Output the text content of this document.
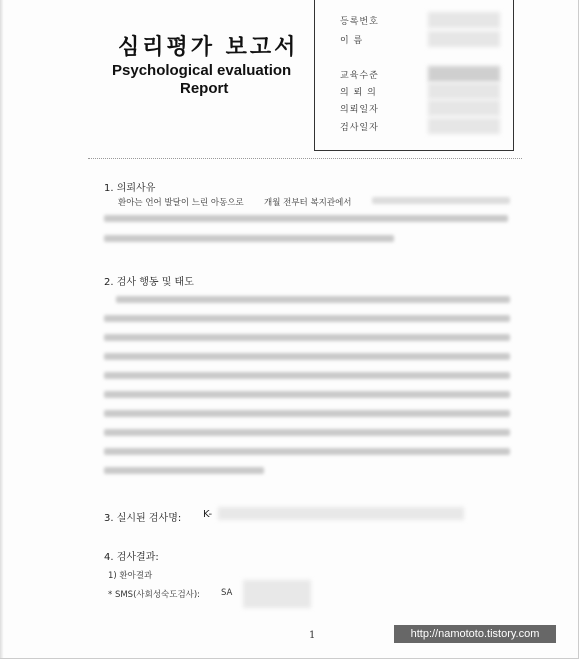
심리평가 보고서
Psychological evaluation
Report
등록번호
이 름
교육수준
의 뢰 의
의뢰일자
검사일자
1. 의뢰사유
환아는 언어 발달이 느린 아동으로 개월 전부터 복지관에서
2. 검사 행동 및 태도
3. 실시된 검사명: K-
4. 검사결과:
1) 환아결과
* SMS(사회성숙도검사): SA
1	http://namototo.tistory.com
